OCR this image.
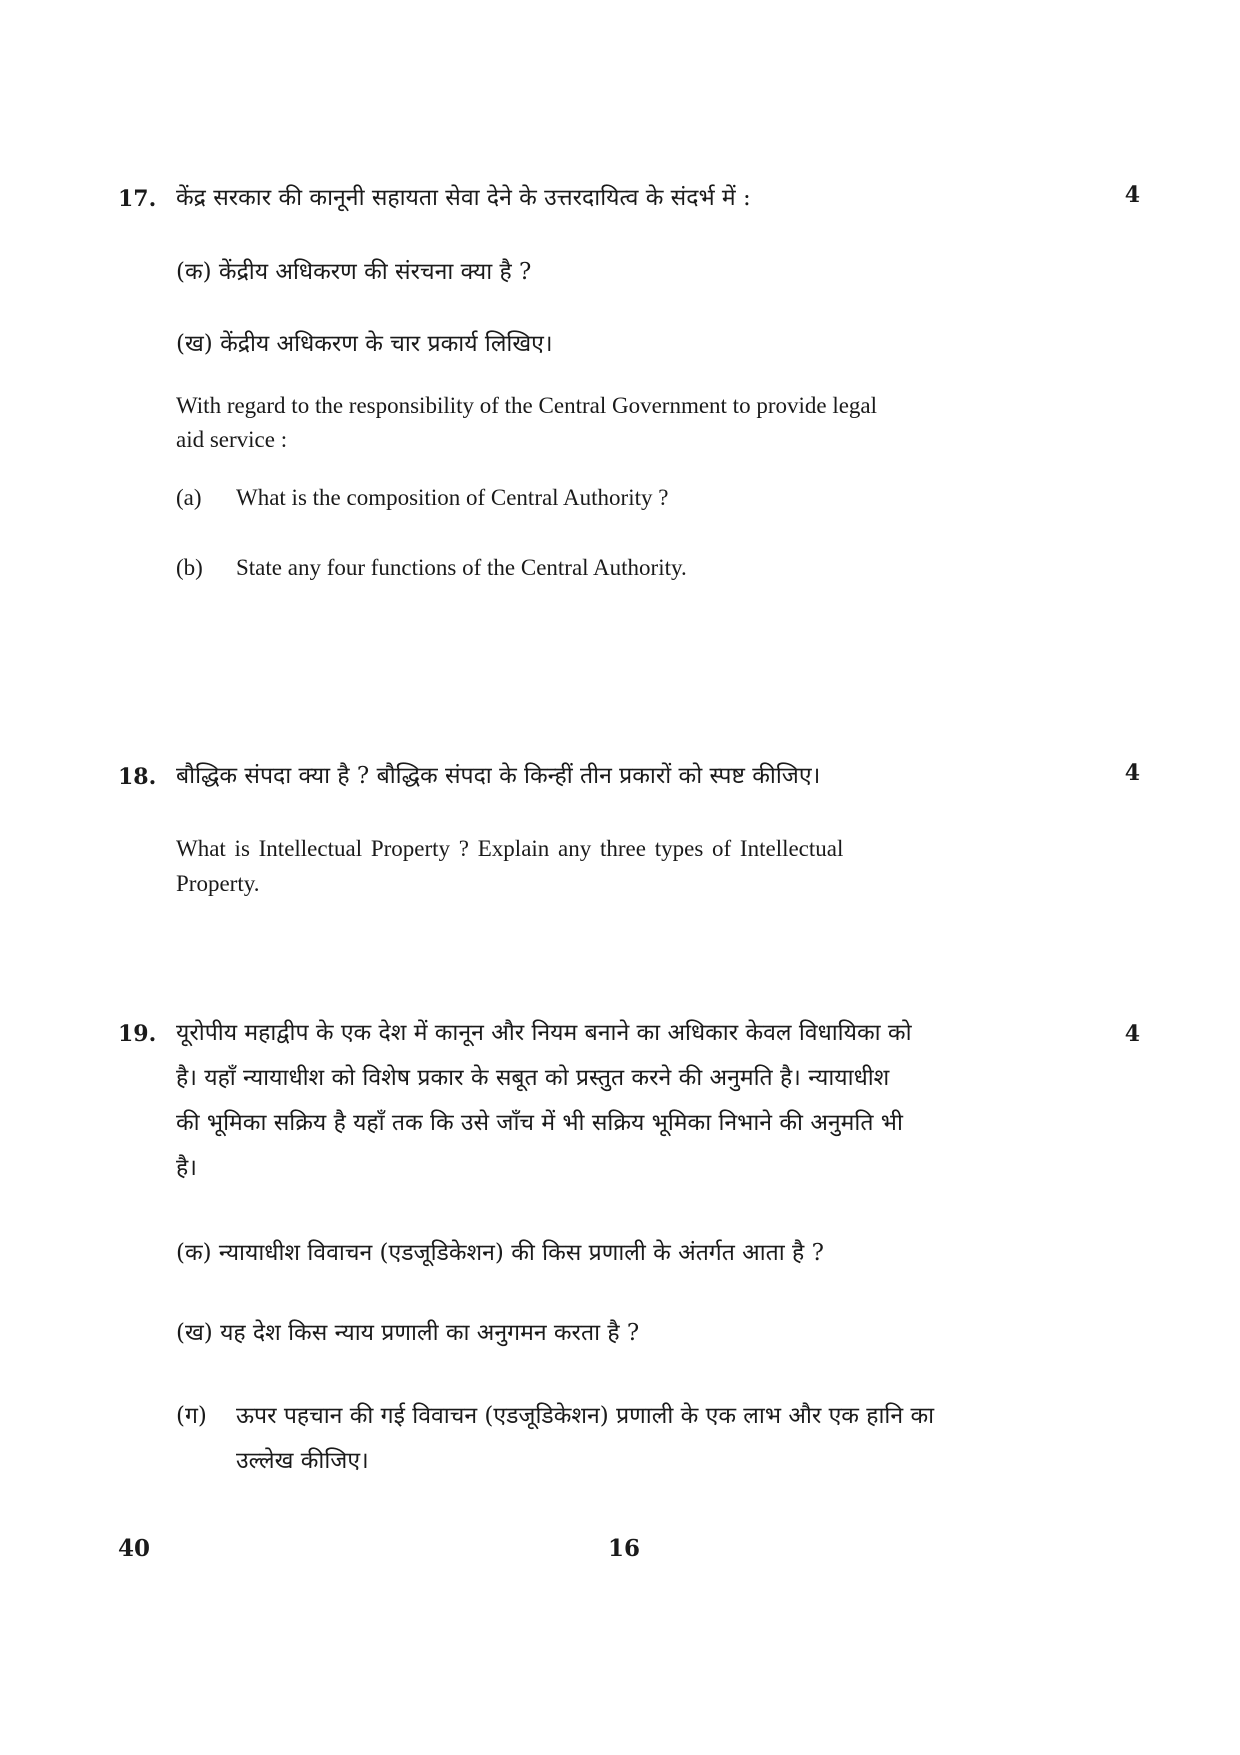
17.	4
केंद्र सरकार की कानूनी सहायता सेवा देने के उत्तरदायित्व के संदर्भ में :
(क) केंद्रीय अधिकरण की संरचना क्या है ?
(ख) केंद्रीय अधिकरण के चार प्रकार्य लिखिए।
With regard to the responsibility of the Central Government to provide legal
aid service :
(a) What is the composition of Central Authority ?
(b) State any four functions of the Central Authority.
18.	4
बौद्धिक संपदा क्या है ? बौद्धिक संपदा के किन्हीं तीन प्रकारों को स्पष्ट कीजिए।
What is Intellectual Property ? Explain any three types of Intellectual
Property.
19.	4
यूरोपीय महाद्वीप के एक देश में कानून और नियम बनाने का अधिकार केवल विधायिका को
है। यहाँ न्यायाधीश को विशेष प्रकार के सबूत को प्रस्तुत करने की अनुमति है। न्यायाधीश
की भूमिका सक्रिय है यहाँ तक कि उसे जाँच में भी सक्रिय भूमिका निभाने की अनुमति भी
है।
(क) न्यायाधीश विवाचन (एडजूडिकेशन) की किस प्रणाली के अंतर्गत आता है ?
(ख) यह देश किस न्याय प्रणाली का अनुगमन करता है ?
(ग) ऊपर पहचान की गई विवाचन (एडजूडिकेशन) प्रणाली के एक लाभ और एक हानि का
उल्लेख कीजिए।
40	16
